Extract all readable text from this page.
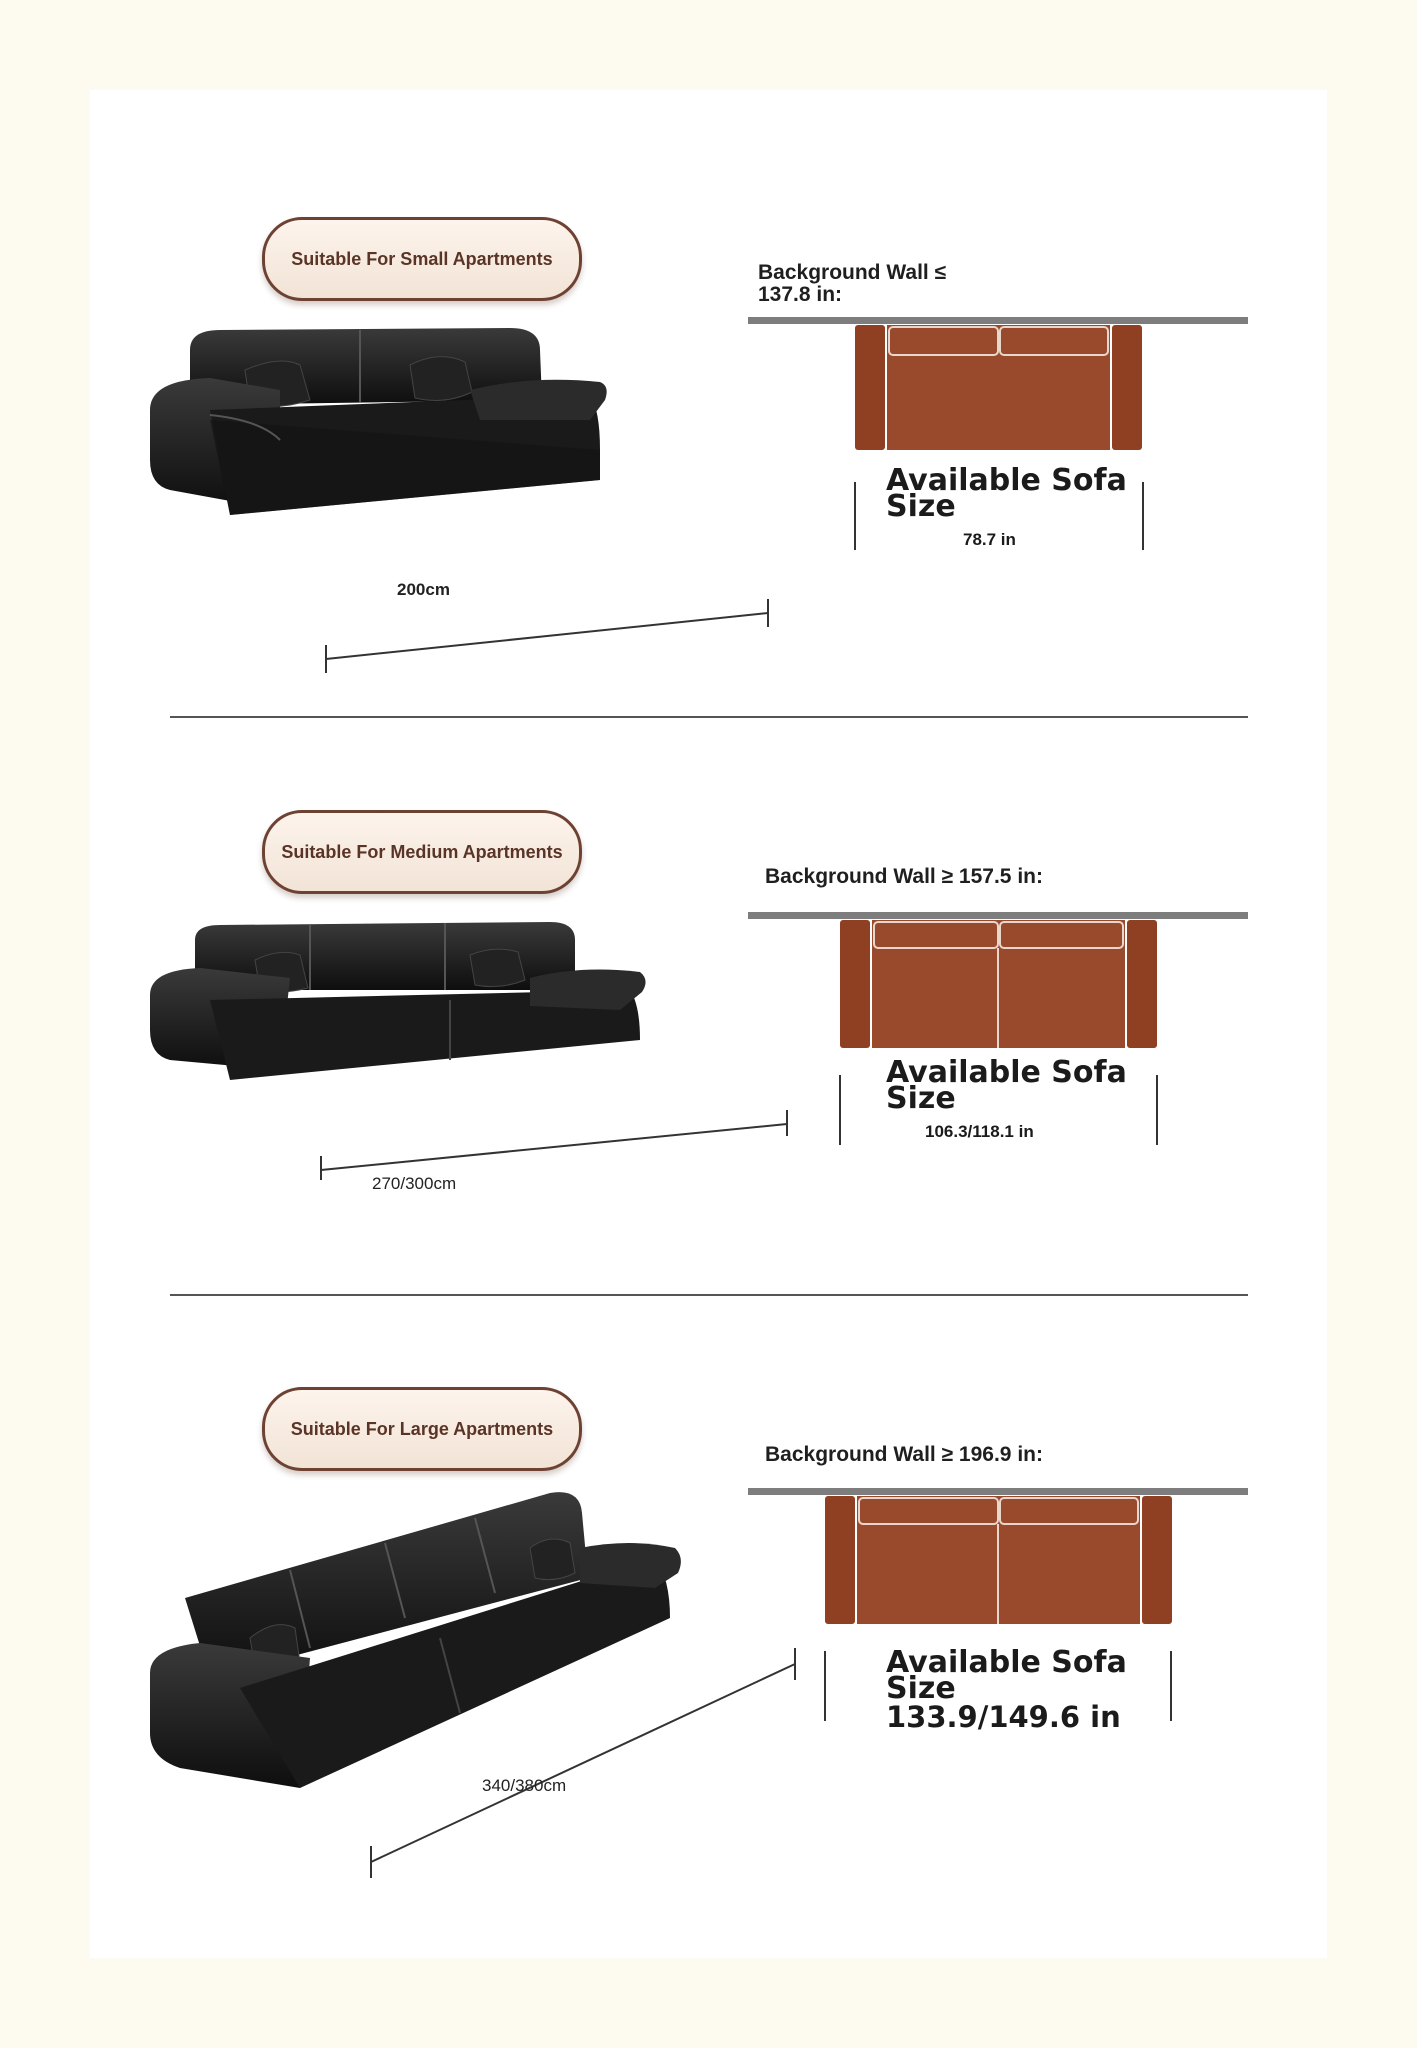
Suitable For Small Apartments
200cm
Background Wall ≤ 137.8 in:
Available Sofa Size
78.7 in
Suitable For Medium Apartments
270/300cm
Background Wall ≥ 157.5 in:
Available Sofa Size
106.3/118.1 in
Suitable For Large Apartments
340/380cm
Background Wall ≥ 196.9 in:
Available Sofa Size
133.9/149.6 in
